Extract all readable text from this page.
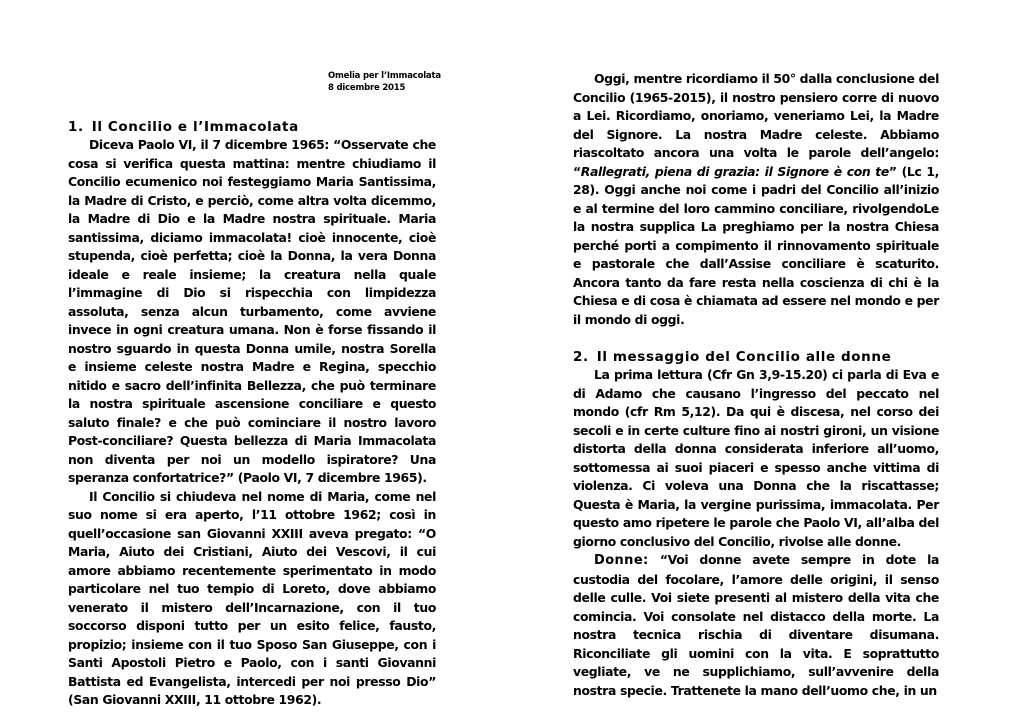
Omelia per l’Immacolata
8 dicembre 2015
1. Il Concilio e l’Immacolata

Diceva Paolo VI, il 7 dicembre 1965: “Osservate che cosa si verifica questa mattina: mentre chiudiamo il Concilio ecumenico noi festeggiamo Maria Santissima, la Madre di Cristo, e perciò, come altra volta dicemmo, la Madre di Dio e la Madre nostra spirituale. Maria santissima, diciamo immacolata! cioè innocente, cioè stupenda, cioè perfetta; cioè la Donna, la vera Donna ideale e reale insieme; la creatura nella quale l’immagine di Dio si rispecchia con limpidezza assoluta, senza alcun turbamento, come avviene invece in ogni creatura umana. Non è forse fissando il nostro sguardo in questa Donna umile, nostra Sorella e insieme celeste nostra Madre e Regina, specchio nitido e sacro dell’infinita Bellezza, che può terminare la nostra spirituale ascensione conciliare e questo saluto finale? e che può cominciare il nostro lavoro Post-conciliare? Questa bellezza di Maria Immacolata non diventa per noi un modello ispiratore? Una speranza confortatrice?” (Paolo VI, 7 dicembre 1965).

Il Concilio si chiudeva nel nome di Maria, come nel suo nome si era aperto, l’11 ottobre 1962; così in quell’occasione san Giovanni XXIII aveva pregato: “O Maria, Aiuto dei Cristiani, Aiuto dei Vescovi, il cui amore abbiamo recentemente sperimentato in modo particolare nel tuo tempio di Loreto, dove abbiamo venerato il mistero dell’Incarnazione, con il tuo soccorso disponi tutto per un esito felice, fausto, propizio; insieme con il tuo Sposo San Giuseppe, con i Santi Apostoli Pietro e Paolo, con i santi Giovanni Battista ed Evangelista, intercedi per noi presso Dio” (San Giovanni XXIII, 11 ottobre 1962).

Oggi, mentre ricordiamo il 50° dalla conclusione del Concilio (1965-2015), il nostro pensiero corre di nuovo a Lei. Ricordiamo, onoriamo, veneriamo Lei, la Madre del Signore. La nostra Madre celeste. Abbiamo riascoltato ancora una volta le parole dell’angelo: “Rallegrati, piena di grazia: il Signore è con te” (Lc 1, 28). Oggi anche noi come i padri del Concilio all’inizio e al termine del loro cammino conciliare, rivolgendoLe la nostra supplica La preghiamo per la nostra Chiesa perché porti a compimento il rinnovamento spirituale e pastorale che dall’Assise conciliare è scaturito. Ancora tanto da fare resta nella coscienza di chi è la Chiesa e di cosa è chiamata ad essere nel mondo e per il mondo di oggi.

2. Il messaggio del Concilio alle donne

La prima lettura (Cfr Gn 3,9-15.20) ci parla di Eva e di Adamo che causano l’ingresso del peccato nel mondo (cfr Rm 5,12). Da qui è discesa, nel corso dei secoli e in certe culture fino ai nostri gironi, un visione distorta della donna considerata inferiore all’uomo, sottomessa ai suoi piaceri e spesso anche vittima di violenza. Ci voleva una Donna che la riscattasse; Questa è Maria, la vergine purissima, immacolata. Per questo amo ripetere le parole che Paolo VI, all’alba del giorno conclusivo del Concilio, rivolse alle donne.

Donne: “Voi donne avete sempre in dote la custodia del focolare, l’amore delle origini, il senso delle culle. Voi siete presenti al mistero della vita che comincia. Voi consolate nel distacco della morte. La nostra tecnica rischia di diventare disumana. Riconciliate gli uomini con la vita. E soprattutto vegliate, ve ne supplichiamo, sull’avvenire della nostra specie. Trattenete la mano dell’uomo che, in un
